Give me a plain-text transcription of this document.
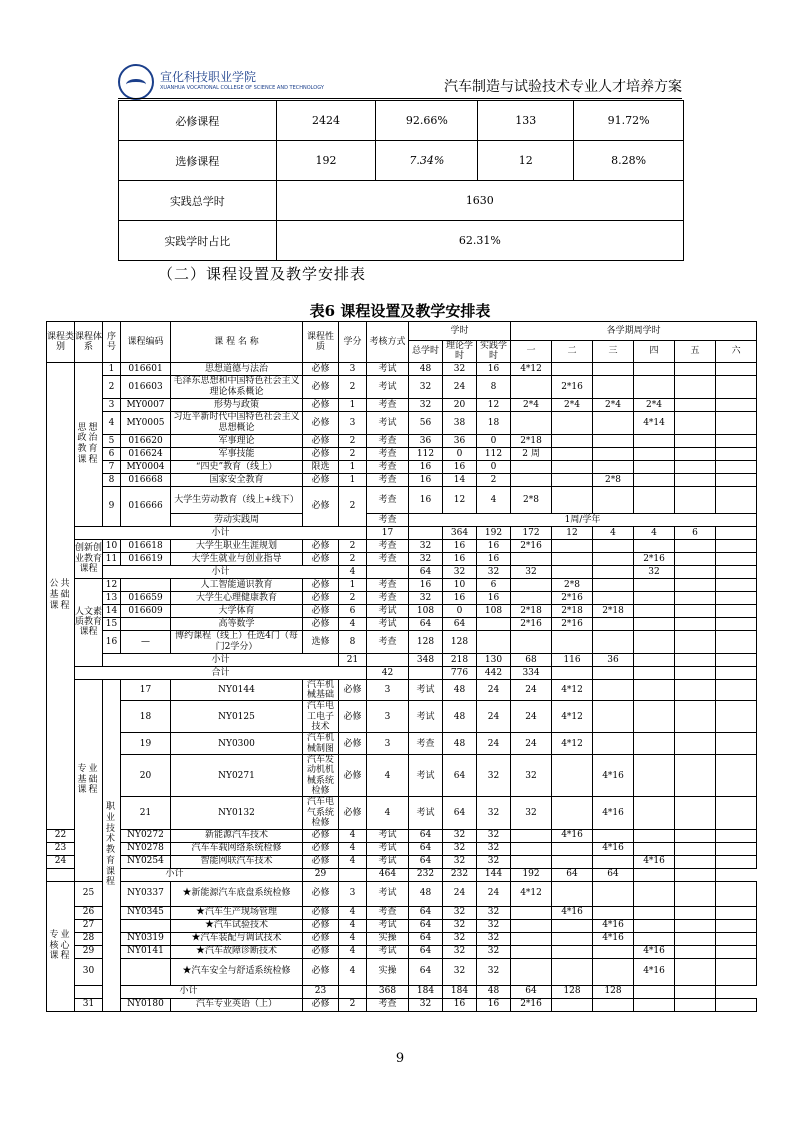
宣化科技职业学院
XUANHUA VOCATIONAL COLLEGE OF SCIENCE AND TECHNOLOGY	汽车制造与试验技术专业人才培养方案
必修课程	2424	92.66%	133	91.72%
选修课程	192	7.34%	12	8.28%
实践总学时	1630			
实践学时占比	62.31%			
（二）课程设置及教学安排表
表6 课程设置及教学安排表
课程类别	课程体系	序号	课程编码	课 程 名 称	课程性质	学分	考核方式	学时			各学期周学时						
								总学时	理论学时	实践学时	一	二	三	四	五	六	
公共基础课程	思想政治教育课程	1	016601	思想道德与法治	必修	3	考试	48	32	16	4*12						
		2	016603	毛泽东思想和中国特色社会主义理论体系概论	必修	2	考试	32	24	8		2*16					
		3	MY0007	形势与政策	必修	1	考查	32	20	12	2*4	2*4	2*4	2*4			
		4	MY0005	习近平新时代中国特色社会主义思想概论	必修	3	考试	56	38	18				4*14			
		5	016620	军事理论	必修	2	考查	36	36	0	2*18						
		6	016624	军事技能	必修	2	考查	112	0	112	2 周						
		7	MY0004	“四史”教育（线上）	限选	1	考查	16	16	0							
		8	016668	国家安全教育	必修	1	考查	16	14	2			2*8				
		9	016666	大学生劳动教育（线上+线下）	必修	2	考查	16	12	4	2*8						
				劳动实践周			考查	1周/学年									
	小计						17		364	192	172	12	4	4	6		
	创新创业教育课程	10	016618	大学生职业生涯规划	必修	2	考查	32	16	16	2*16						
		11	016619	大学生就业与创业指导	必修	2	考查	32	16	16				2*16			
		小计				4		64	32	32	32			32			
	人文素质教育课程	12		人工智能通识教育	必修	1	考查	16	10	6		2*8					
		13	016659	大学生心理健康教育	必修	2	考查	32	16	16		2*16					
		14	016609	大学体育	必修	6	考试	108	0	108	2*18	2*18	2*18				
		15		高等数学	必修	4	考试	64	64		2*16	2*16					
		16	—	博约课程（线上）任选4门（每门2学分）	选修	8	考查	128	128								
		小计				21		348	218	130	68	116	36				
	合计						42		776	442	334						
	专业基础课程	职业技术教育课程	17	NY0144	汽车机械基础	必修	3	考试	48	24	24	4*12					
			18	NY0125	汽车电工电子技术	必修	3	考试	48	24	24	4*12					
			19	NY0300	汽车机械制图	必修	3	考查	48	24	24	4*12					
			20	NY0271	汽车发动机机械系统检修	必修	4	考试	64	32	32		4*16				
			21	NY0132	汽车电气系统检修	必修	4	考试	64	32	32		4*16				
22			NY0272	新能源汽车技术	必修	4	考试	64	32	32		4*16					
23			NY0278	汽车车载网络系统检修	必修	4	考试	64	32	32			4*16				
24			NY0254	智能网联汽车技术	必修	4	考试	64	32	32				4*16			
小计					29		464	232	232	144	192	64	64				
专业核心课程	25		NY0337	★新能源汽车底盘系统检修	必修	3	考试	48	24	24	4*12						
	26		NY0345	★汽车生产现场管理	必修	4	考查	64	32	32		4*16					
	27			★汽车试验技术	必修	4	考试	64	32	32			4*16				
	28		NY0319	★汽车装配与调试技术	必修	4	实操	64	32	32			4*16				
	29		NY0141	★汽车故障诊断技术	必修	4	考试	64	32	32				4*16			
	30			★汽车安全与舒适系统检修	必修	4	实操	64	32	32				4*16			
	小计				23		368	184	184	48	64	128	128				
	31		NY0180	汽车专业英语（上）	必修	2	考查	32	16	16	2*16						
9
